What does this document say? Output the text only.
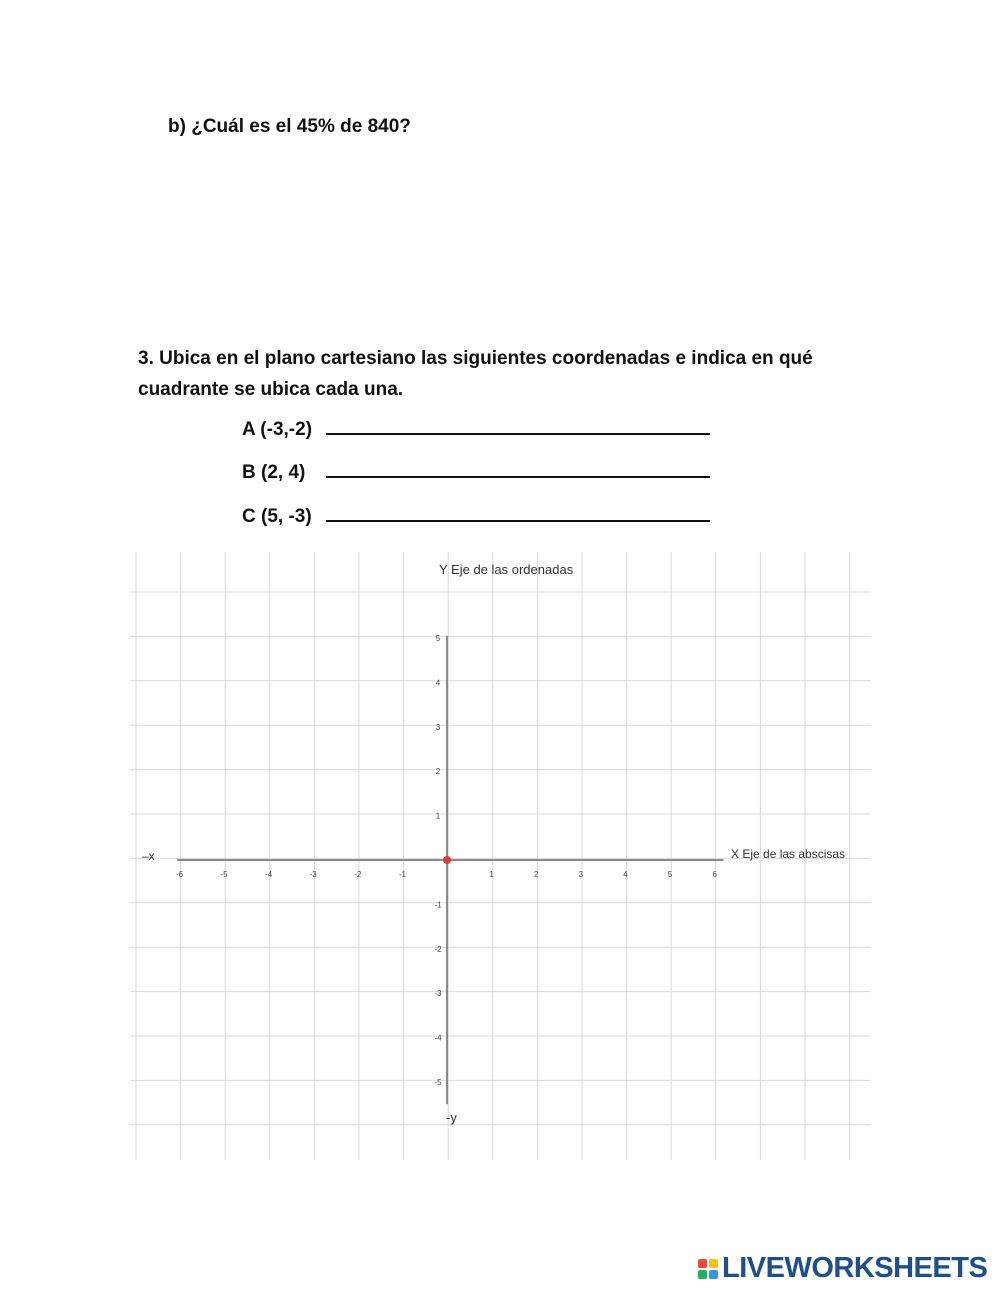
b) ¿Cuál es el 45% de 840?
3. Ubica en el plano cartesiano las siguientes coordenadas e indica en qué
cuadrante se ubica cada una.
A (-3,-2)
B (2, 4)
C (5, -3)
-6	-5	-4	-3	-2	-1	1	2	3	4	5	6
5
4
3
2
1
-1
-2
-3
-4
-5
Y Eje de las ordenadas
X Eje de las abscisas
–x
-y
LIVEWORKSHEETS
